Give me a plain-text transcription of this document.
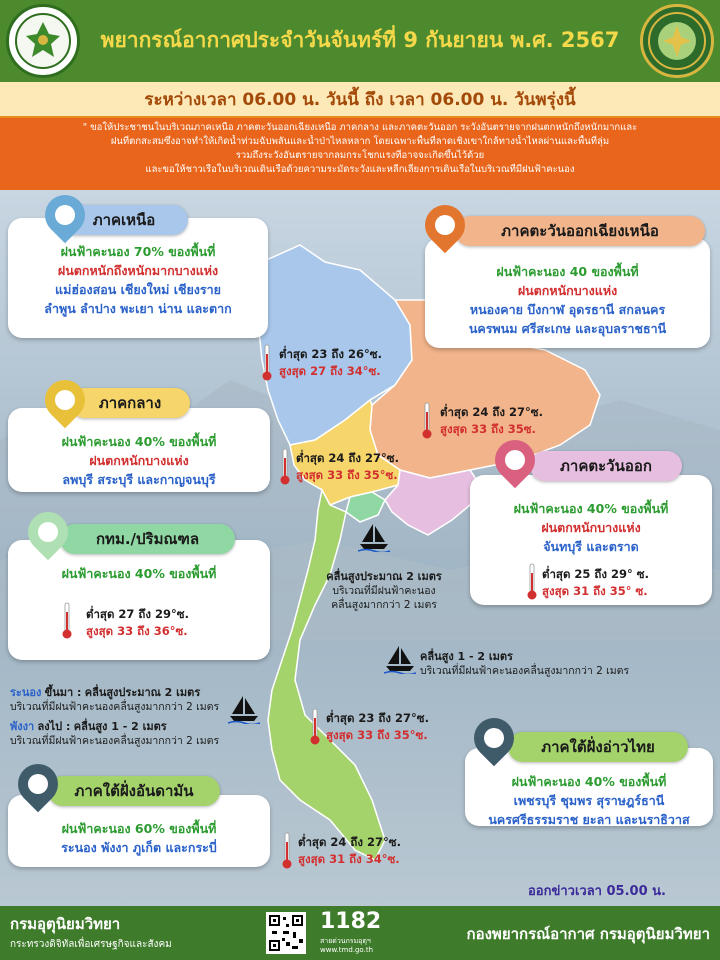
พยากรณ์อากาศประจำวันจันทร์ที่ 9 กันยายน พ.ศ. 2567
ระหว่างเวลา 06.00 น. วันนี้ ถึง เวลา 06.00 น. วันพรุ่งนี้
" ขอให้ประชาชนในบริเวณภาคเหนือ ภาคตะวันออกเฉียงเหนือ ภาคกลาง และภาคตะวันออก ระวังอันตรายจากฝนตกหนักถึงหนักมากและ
ฝนที่ตกสะสมซึ่งอาจทำให้เกิดน้ำท่วมฉับพลันและน้ำป่าไหลหลาก โดยเฉพาะพื้นที่ลาดเชิงเขาใกล้ทางน้ำไหลผ่านและพื้นที่ลุ่ม
รวมถึงระวังอันตรายจากลมกระโชกแรงที่อาจจะเกิดขึ้นไว้ด้วย
และขอให้ชาวเรือในบริเวณเดินเรือด้วยความระมัดระวังและหลีกเลี่ยงการเดินเรือในบริเวณที่มีฝนฟ้าคะนอง
ฝนฟ้าคะนอง 70% ของพื้นที่
ฝนตกหนักถึงหนักมากบางแห่ง
แม่ฮ่องสอน เชียงใหม่ เชียงราย
ลำพูน ลำปาง พะเยา น่าน และตาก
ภาคเหนือ
ต่ำสุด 23 ถึง 26°ซ.
สูงสุด 27 ถึง 34°ซ.
ฝนฟ้าคะนอง 40 ของพื้นที่
ฝนตกหนักบางแห่ง
หนองคาย บึงกาฬ อุดรธานี สกลนคร
นครพนม ศรีสะเกษ และอุบลราชธานี
ภาคตะวันออกเฉียงเหนือ
ต่ำสุด 24 ถึง 27°ซ.
สูงสุด 33 ถึง 35ซ.
ฝนฟ้าคะนอง 40% ของพื้นที่
ฝนตกหนักบางแห่ง
ลพบุรี สระบุรี และกาญจนบุรี
ภาคกลาง
ต่ำสุด 24 ถึง 27°ซ.
สูงสุด 33 ถึง 35°ซ.
ฝนฟ้าคะนอง 40% ของพื้นที่
ฝนตกหนักบางแห่ง
จันทบุรี และตราด
ภาคตะวันออก
ต่ำสุด 25 ถึง 29° ซ.
สูงสุด 31 ถึง 35° ซ.
ฝนฟ้าคะนอง 40% ของพื้นที่
กทม./ปริมณฑล
ต่ำสุด 27 ถึง 29°ซ.
สูงสุด 33 ถึง 36°ซ.
ฝนฟ้าคะนอง 40% ของพื้นที่
เพชรบุรี ชุมพร สุราษฎร์ธานี
นครศรีธรรมราช ยะลา และนราธิวาส
ภาคใต้ฝั่งอ่าวไทย
ต่ำสุด 23 ถึง 27°ซ.
สูงสุด 33 ถึง 35°ซ.
ฝนฟ้าคะนอง 60% ของพื้นที่
ระนอง พังงา ภูเก็ต และกระบี่
ภาคใต้ฝั่งอันดามัน
ต่ำสุด 24 ถึง 27°ซ.
สูงสุด 31 ถึง 34°ซ.
คลื่นสูงประมาณ 2 เมตร
บริเวณที่มีฝนฟ้าคะนอง
คลื่นสูงมากกว่า 2 เมตร
คลื่นสูง 1 - 2 เมตร
บริเวณที่มีฝนฟ้าคะนองคลื่นสูงมากกว่า 2 เมตร
ระนอง ขึ้นมา : คลื่นสูงประมาณ 2 เมตร
บริเวณที่มีฝนฟ้าคะนองคลื่นสูงมากกว่า 2 เมตร
พังงา ลงไป : คลื่นสูง 1 - 2 เมตร
บริเวณที่มีฝนฟ้าคะนองคลื่นสูงมากกว่า 2 เมตร
ออกข่าวเวลา 05.00 น.
กรมอุตุนิยมวิทยา
กระทรวงดิจิทัลเพื่อเศรษฐกิจและสังคม
1182
สายด่วนกรมอุตุฯ
www.tmd.go.th
กองพยากรณ์อากาศ กรมอุตุนิยมวิทยา
